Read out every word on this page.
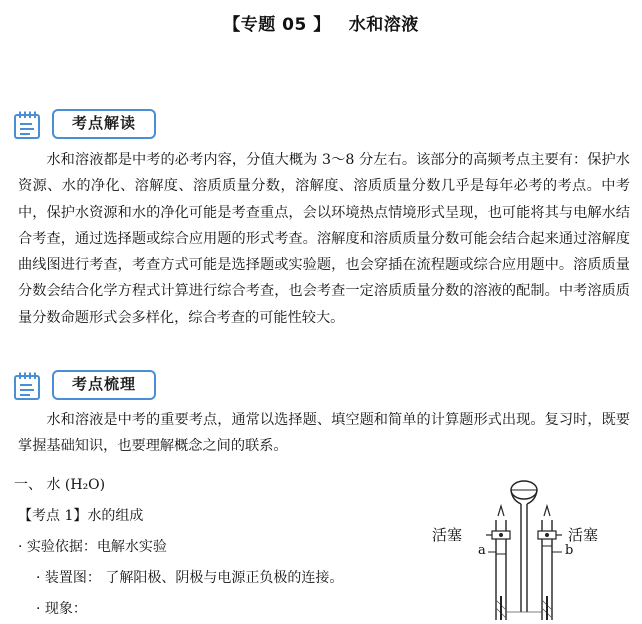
【专题 05 】 水和溶液
考点解读

水和溶液都是中考的必考内容，分值大概为 3～8 分左右。该部分的高频考点主要有：保护水资源、水的净化、溶解度、溶质质量分数，溶解度、溶质质量分数几乎是每年必考的考点。中考中，保护水资源和水的净化可能是考查重点，会以环境热点情境形式呈现，也可能将其与电解水结合考查，通过选择题或综合应用题的形式考查。溶解度和溶质质量分数可能会结合起来通过溶解度曲线图进行考查，考查方式可能是选择题或实验题，也会穿插在流程题或综合应用题中。溶质质量分数会结合化学方程式计算进行综合考查，也会考查一定溶质质量分数的溶液的配制。中考溶质质量分数命题形式会多样化，综合考查的可能性较大。

考点梳理

水和溶液是中考的重要考点，通常以选择题、填空题和简单的计算题形式出现。复习时，既要掌握基础知识，也要理解概念之间的联系。

一、 水 (H₂O)
【考点 1】水的组成
· 实验依据：电解水实验
· 装置图： 了解阳极、阴极与电源正负极的连接。
· 现象：
活塞	活塞
a	b
